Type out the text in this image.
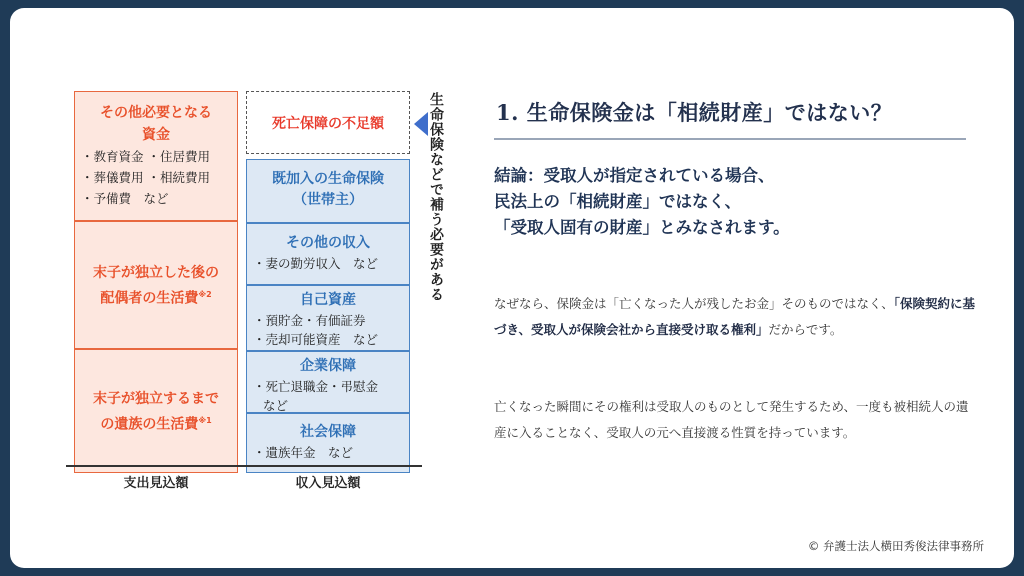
その他必要となる
資金
・教育資金 ・住居費用
・葬儀費用 ・相続費用
・予備費　など
末子が独立した後の
配偶者の生活費$^{※2}$
末子が独立するまで
の遺族の生活費$^{※1}$
死亡保障の不足額
既加入の生命保険
（世帯主）
その他の収入
・妻の勤労収入　など
自己資産
・預貯金・有価証券
・売却可能資産　など
企業保障
・死亡退職金・弔慰金
など
社会保障
・遺族年金　など
生命保険などで補う必要がある
支出見込額	収入見込額
1. 生命保険金は「相続財産」ではない？
結論：受取人が指定されている場合、
民法上の「相続財産」ではなく、
「受取人固有の財産」とみなされます。
なぜなら、保険金は「亡くなった人が残したお金」そのものではなく、「保険契約に基づき、受取人が保険会社から直接受け取る権利」だからです。
亡くなった瞬間にその権利は受取人のものとして発生するため、一度も被相続人の遺産に入ることなく、受取人の元へ直接渡る性質を持っています。
© 弁護士法人横田秀俊法律事務所
